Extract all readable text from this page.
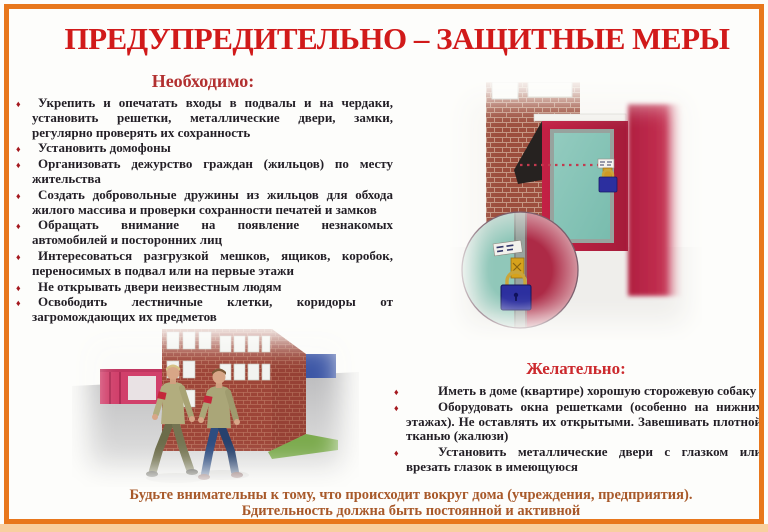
ПРЕДУПРЕДИТЕЛЬНО – ЗАЩИТНЫЕ МЕРЫ
Необходимо:
♦ Укрепить и опечатать входы в подвалы и на чердаки, установить решетки, металлические двери, замки, регулярно проверять их сохранность
♦ Установить домофоны
♦ Организовать дежурство граждан (жильцов) по месту жительства
♦ Создать добровольные дружины из жильцов для обхода жилого массива и проверки сохранности печатей и замков
♦ Обращать внимание на появление незнакомых автомобилей и посторонних лиц
♦ Интересоваться разгрузкой мешков, ящиков, коробок, переносимых в подвал или на первые этажи
♦ Не открывать двери неизвестным людям
♦ Освободить лестничные клетки, коридоры от загромождающих их предметов
Желательно:
♦	Иметь в доме (квартире) хорошую сторожевую собаку
♦	Оборудовать окна решетками (особенно на нижних этажах). Не оставлять их открытыми. Завешивать плотной тканью (жалюзи)
♦	Установить металлические двери с глазком или врезать глазок в имеющуюся
Будьте внимательны к тому, что происходит вокруг дома (учреждения, предприятия).
Бдительность должна быть постоянной и активной
